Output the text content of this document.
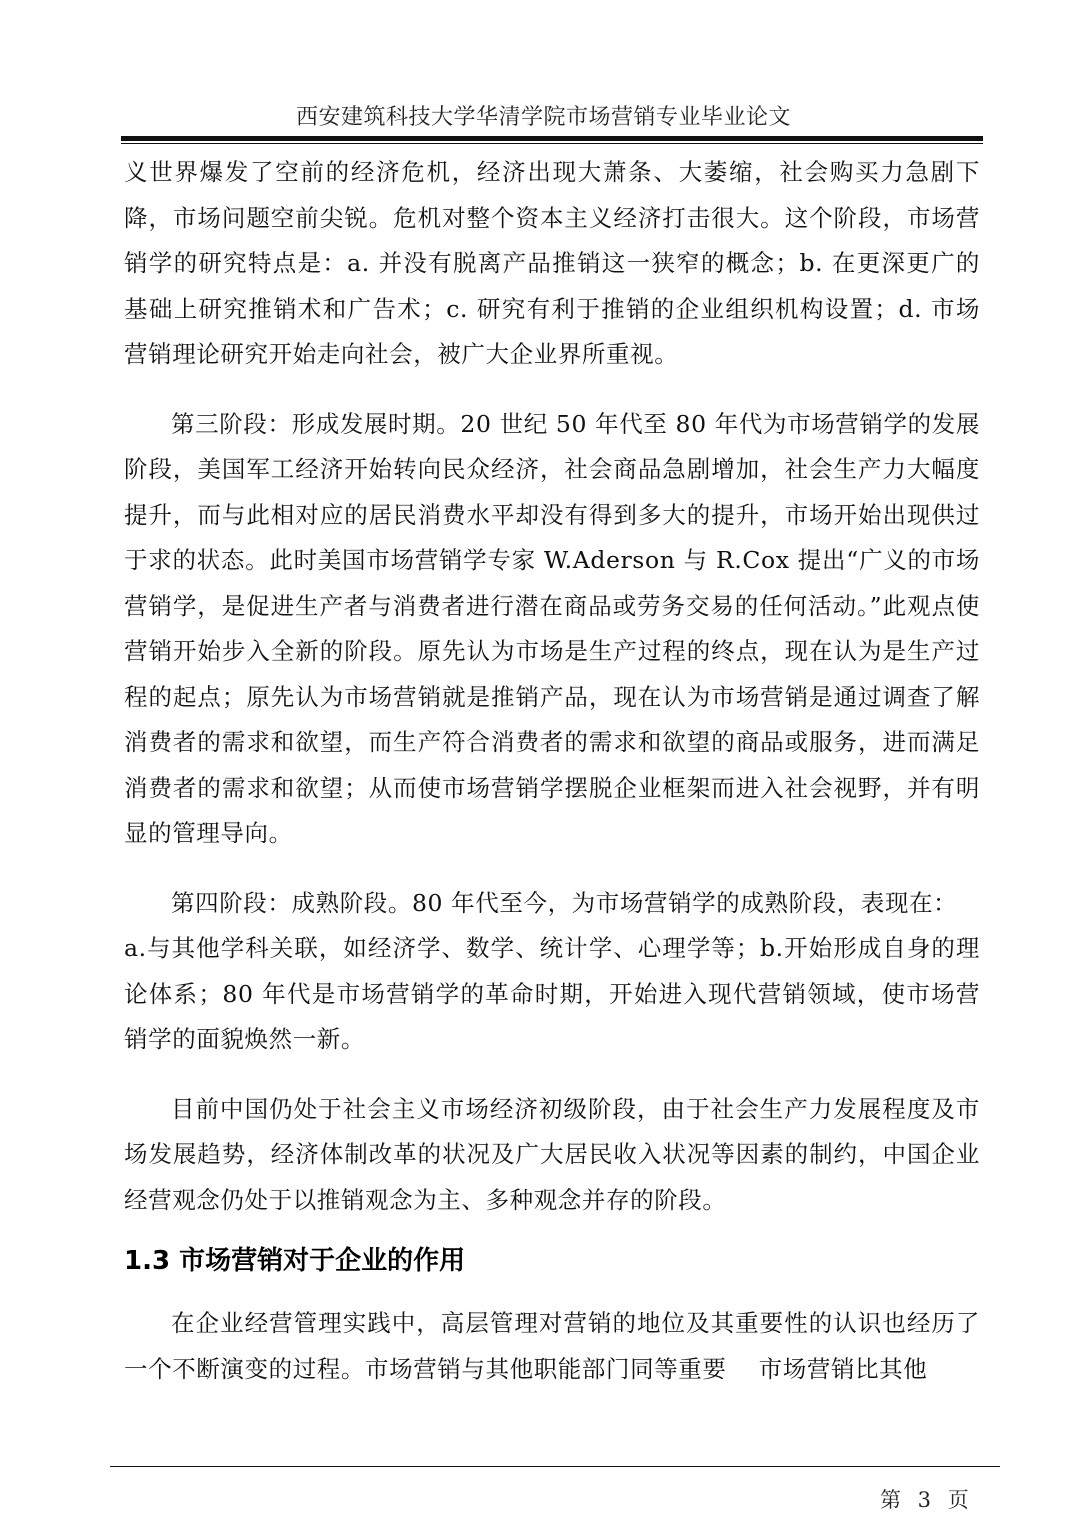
西安建筑科技大学华清学院市场营销专业毕业论文

义世界爆发了空前的经济危机，经济出现大萧条、大萎缩，社会购买力急剧下降，市场问题空前尖锐。危机对整个资本主义经济打击很大。这个阶段，市场营销学的研究特点是：a. 并没有脱离产品推销这一狭窄的概念；b. 在更深更广的基础上研究推销术和广告术；c. 研究有利于推销的企业组织机构设置；d. 市场营销理论研究开始走向社会，被广大企业界所重视。

第三阶段：形成发展时期。20 世纪 50 年代至 80 年代为市场营销学的发展阶段，美国军工经济开始转向民众经济，社会商品急剧增加，社会生产力大幅度提升，而与此相对应的居民消费水平却没有得到多大的提升，市场开始出现供过于求的状态。此时美国市场营销学专家 W.Aderson 与 R.Cox 提出“广义的市场营销学，是促进生产者与消费者进行潜在商品或劳务交易的任何活动。”此观点使营销开始步入全新的阶段。原先认为市场是生产过程的终点，现在认为是生产过程的起点；原先认为市场营销就是推销产品，现在认为市场营销是通过调查了解消费者的需求和欲望，而生产符合消费者的需求和欲望的商品或服务，进而满足消费者的需求和欲望；从而使市场营销学摆脱企业框架而进入社会视野，并有明显的管理导向。

第四阶段：成熟阶段。80 年代至今，为市场营销学的成熟阶段，表现在：

a.与其他学科关联，如经济学、数学、统计学、心理学等；b.开始形成自身的理论体系；80 年代是市场营销学的革命时期，开始进入现代营销领域，使市场营销学的面貌焕然一新。

目前中国仍处于社会主义市场经济初级阶段，由于社会生产力发展程度及市场发展趋势，经济体制改革的状况及广大居民收入状况等因素的制约，中国企业经营观念仍处于以推销观念为主、多种观念并存的阶段。

1.3 市场营销对于企业的作用

在企业经营管理实践中，高层管理对营销的地位及其重要性的认识也经历了一个不断演变的过程。市场营销与其他职能部门同等重要　 市场营销比其他

第 3 页
